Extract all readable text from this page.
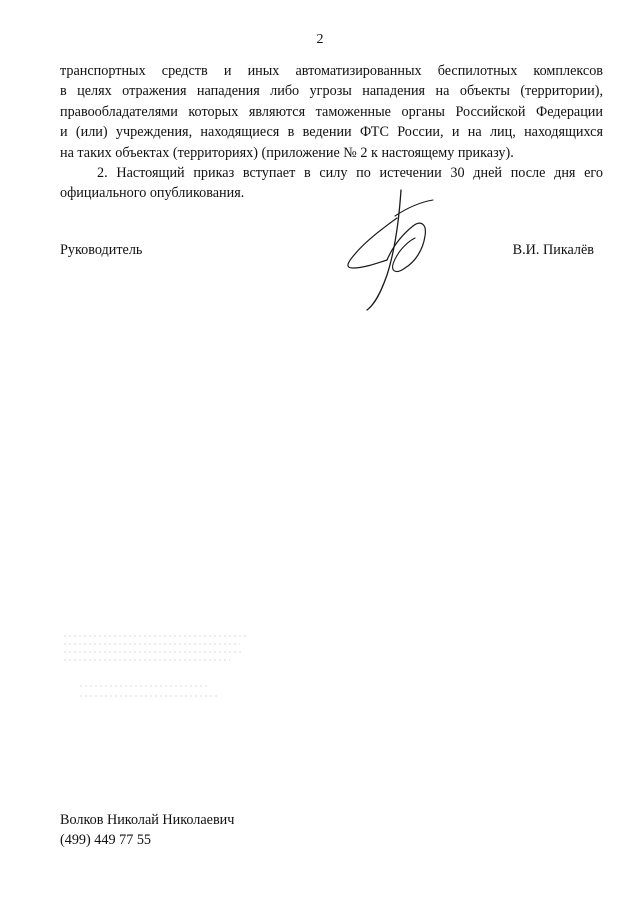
2
транспортных средств и иных автоматизированных беспилотных комплексов
в целях отражения нападения либо угрозы нападения на объекты (территории),
правообладателями которых являются таможенные органы Российской Федерации
и (или) учреждения, находящиеся в ведении ФТС России, и на лиц, находящихся
на таких объектах (территориях) (приложение № 2 к настоящему приказу).
2. Настоящий приказ вступает в силу по истечении 30 дней после дня его
официального опубликования.
Руководитель	В.И. Пикалёв
Волков Николай Николаевич
(499) 449 77 55
